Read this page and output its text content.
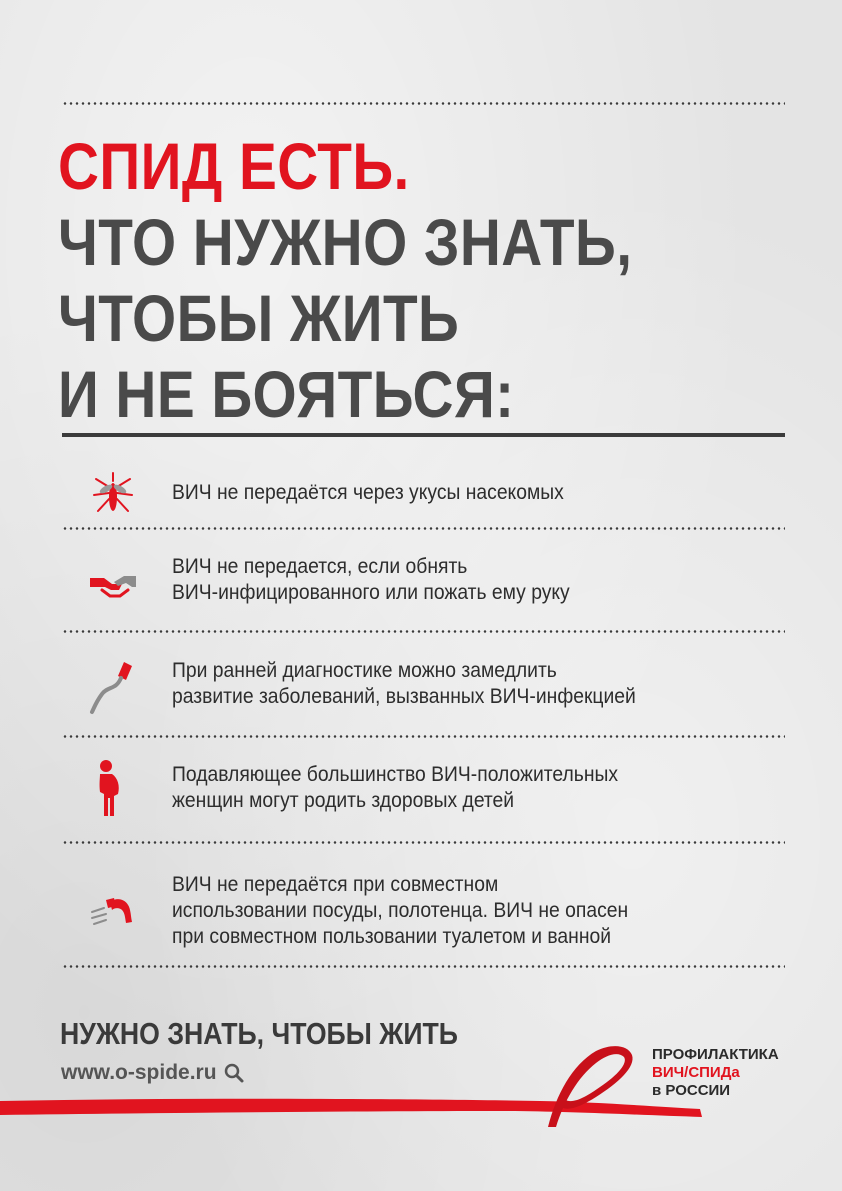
СПИД ЕСТЬ.
ЧТО НУЖНО ЗНАТЬ,
ЧТОБЫ ЖИТЬ
И НЕ БОЯТЬСЯ:

ВИЧ не передаётся через укусы насекомых

ВИЧ не передается, если обнять
ВИЧ-инфицированного или пожать ему руку

При ранней диагностике можно замедлить
развитие заболеваний, вызванных ВИЧ-инфекцией

Подавляющее большинство ВИЧ-положительных
женщин могут родить здоровых детей

ВИЧ не передаётся при совместном
использовании посуды, полотенца. ВИЧ не опасен
при совместном пользовании туалетом и ванной

НУЖНО ЗНАТЬ, ЧТОБЫ ЖИТЬ
www.o-spide.ru

ПРОФИЛАКТИКА
ВИЧ/СПИДа
в РОССИИ
